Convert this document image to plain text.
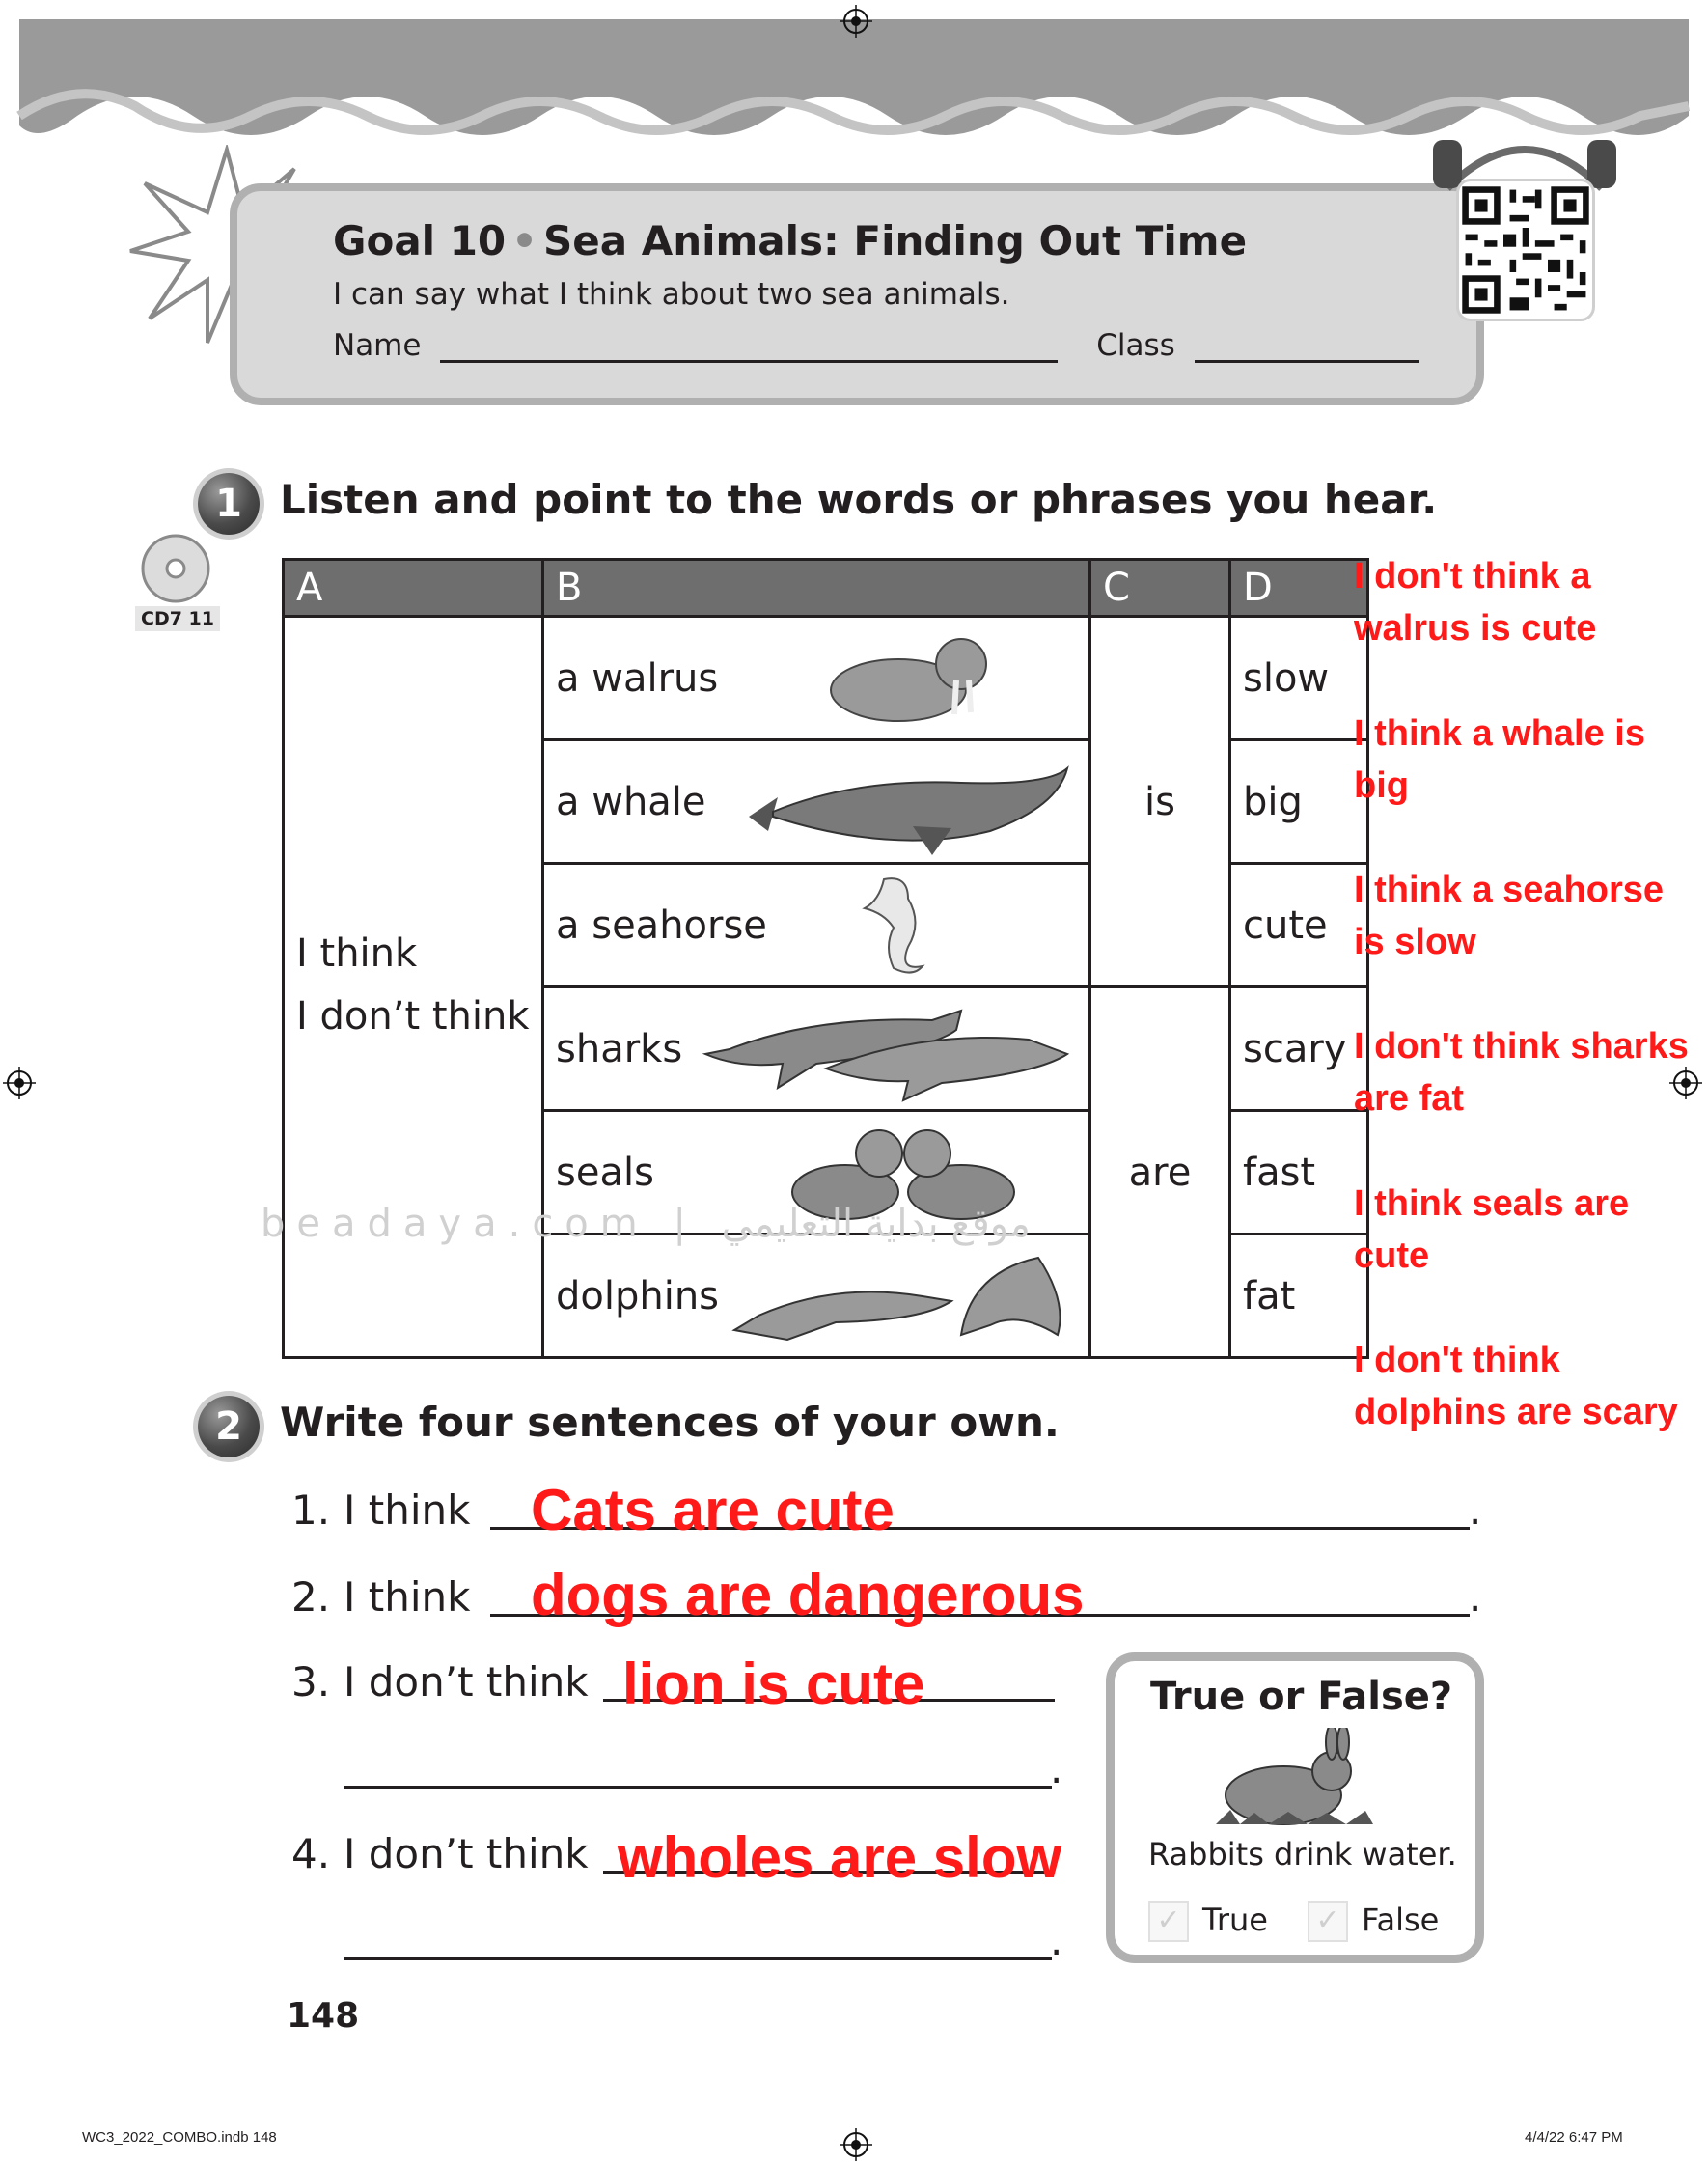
Goal 10 • Sea Animals: Finding Out Time
I can say what I think about two sea animals.
Name	Class
1 Listen and point to the words or phrases you hear.
CD7 11
A	B	C	D

I think
I don’t think	a walrus	is	slow

	a whale		big

	a seahorse		cute

	sharks	are	scary

	seals		fast

	dolphins		fat
beadaya.com | موقع بداية التعليمي
I don't think a walrus is cute
I think a whale is big
I think a seahorse is slow
I don't think sharks are fat
I think seals are cute
I don't think dolphins are scary
2 Write four sentences of your own.
1. I think	.
Cats are cute
2. I think	.
dogs are dangerous
3. I don’t think
.
lion is cute
4. I don’t think
.
wholes are slow
True or False?
Rabbits drink water.
✓ True ✓ False
148
WC3_2022_COMBO.indb 148	4/4/22 6:47 PM
